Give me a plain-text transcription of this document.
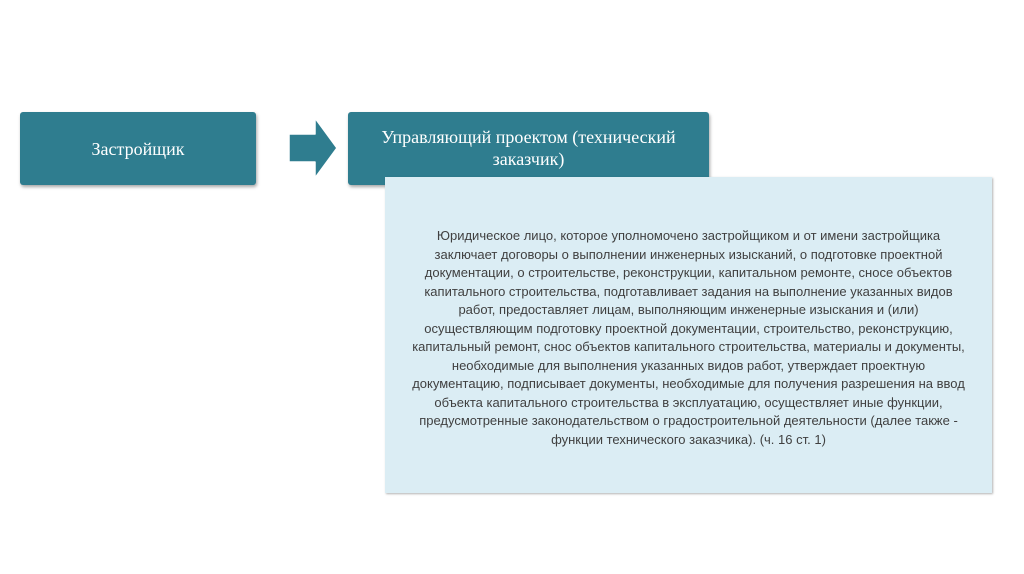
Застройщик
Управляющий проектом (технический заказчик)
Юридическое лицо, которое уполномочено застройщиком и от имени застройщика заключает договоры о выполнении инженерных изысканий, о подготовке проектной документации, о строительстве, реконструкции, капитальном ремонте, сносе объектов капитального строительства, подготавливает задания на выполнение указанных видов работ, предоставляет лицам, выполняющим инженерные изыскания и (или) осуществляющим подготовку проектной документации, строительство, реконструкцию, капитальный ремонт, снос объектов капитального строительства, материалы и документы, необходимые для выполнения указанных видов работ, утверждает проектную документацию, подписывает документы, необходимые для получения разрешения на ввод объекта капитального строительства в эксплуатацию, осуществляет иные функции, предусмотренные законодательством о градостроительной деятельности (далее также - функции технического заказчика). (ч. 16 ст. 1)
